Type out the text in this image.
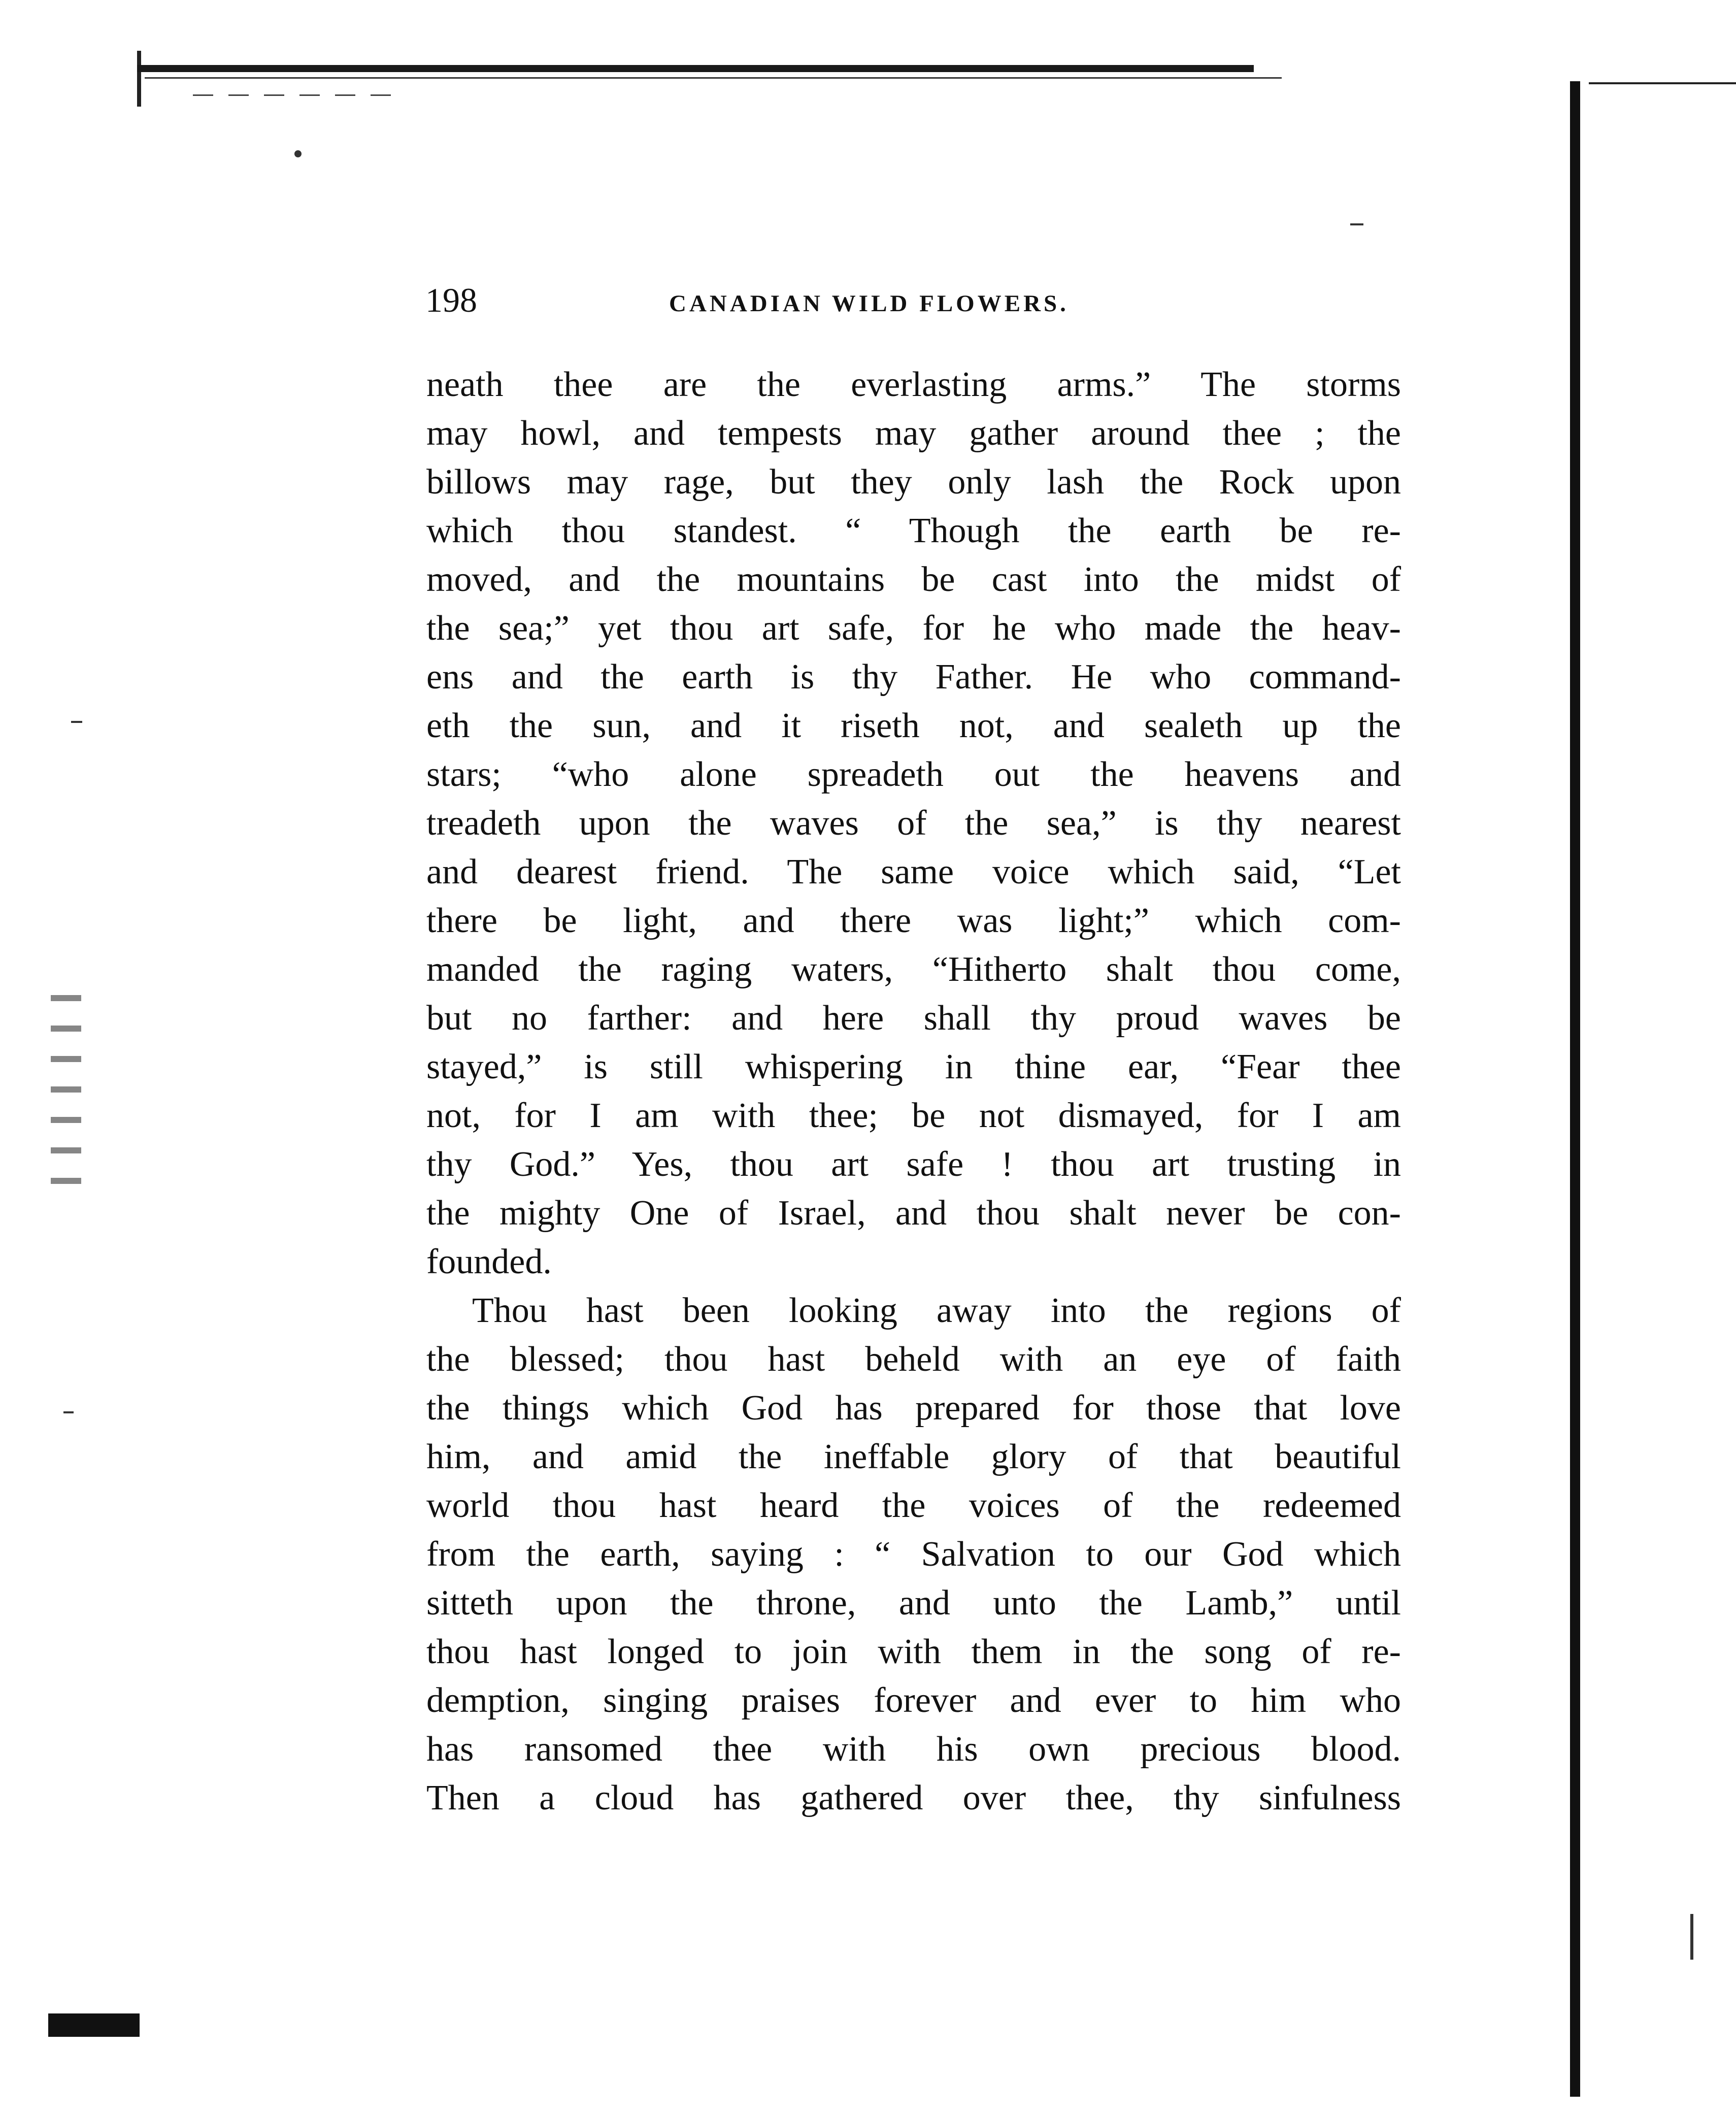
198	CANADIAN WILD FLOWERS.
neath thee are the everlasting arms.” The storms
may howl, and tempests may gather around thee ; the
billows may rage, but they only lash the Rock upon
which thou standest. “ Though the earth be re-
moved, and the mountains be cast into the midst of
the sea;” yet thou art safe, for he who made the heav-
ens and the earth is thy Father. He who command-
eth the sun, and it riseth not, and sealeth up the
stars; “who alone spreadeth out the heavens and
treadeth upon the waves of the sea,” is thy nearest
and dearest friend. The same voice which said, “Let
there be light, and there was light;” which com-
manded the raging waters, “Hitherto shalt thou come,
but no farther: and here shall thy proud waves be
stayed,” is still whispering in thine ear, “Fear thee
not, for I am with thee; be not dismayed, for I am
thy God.” Yes, thou art safe ! thou art trusting in
the mighty One of Israel, and thou shalt never be con-
founded.
Thou hast been looking away into the regions of
the blessed; thou hast beheld with an eye of faith
the things which God has prepared for those that love
him, and amid the ineffable glory of that beautiful
world thou hast heard the voices of the redeemed
from the earth, saying : “ Salvation to our God which
sitteth upon the throne, and unto the Lamb,” until
thou hast longed to join with them in the song of re-
demption, singing praises forever and ever to him who
has ransomed thee with his own precious blood.
Then a cloud has gathered over thee, thy sinfulness
